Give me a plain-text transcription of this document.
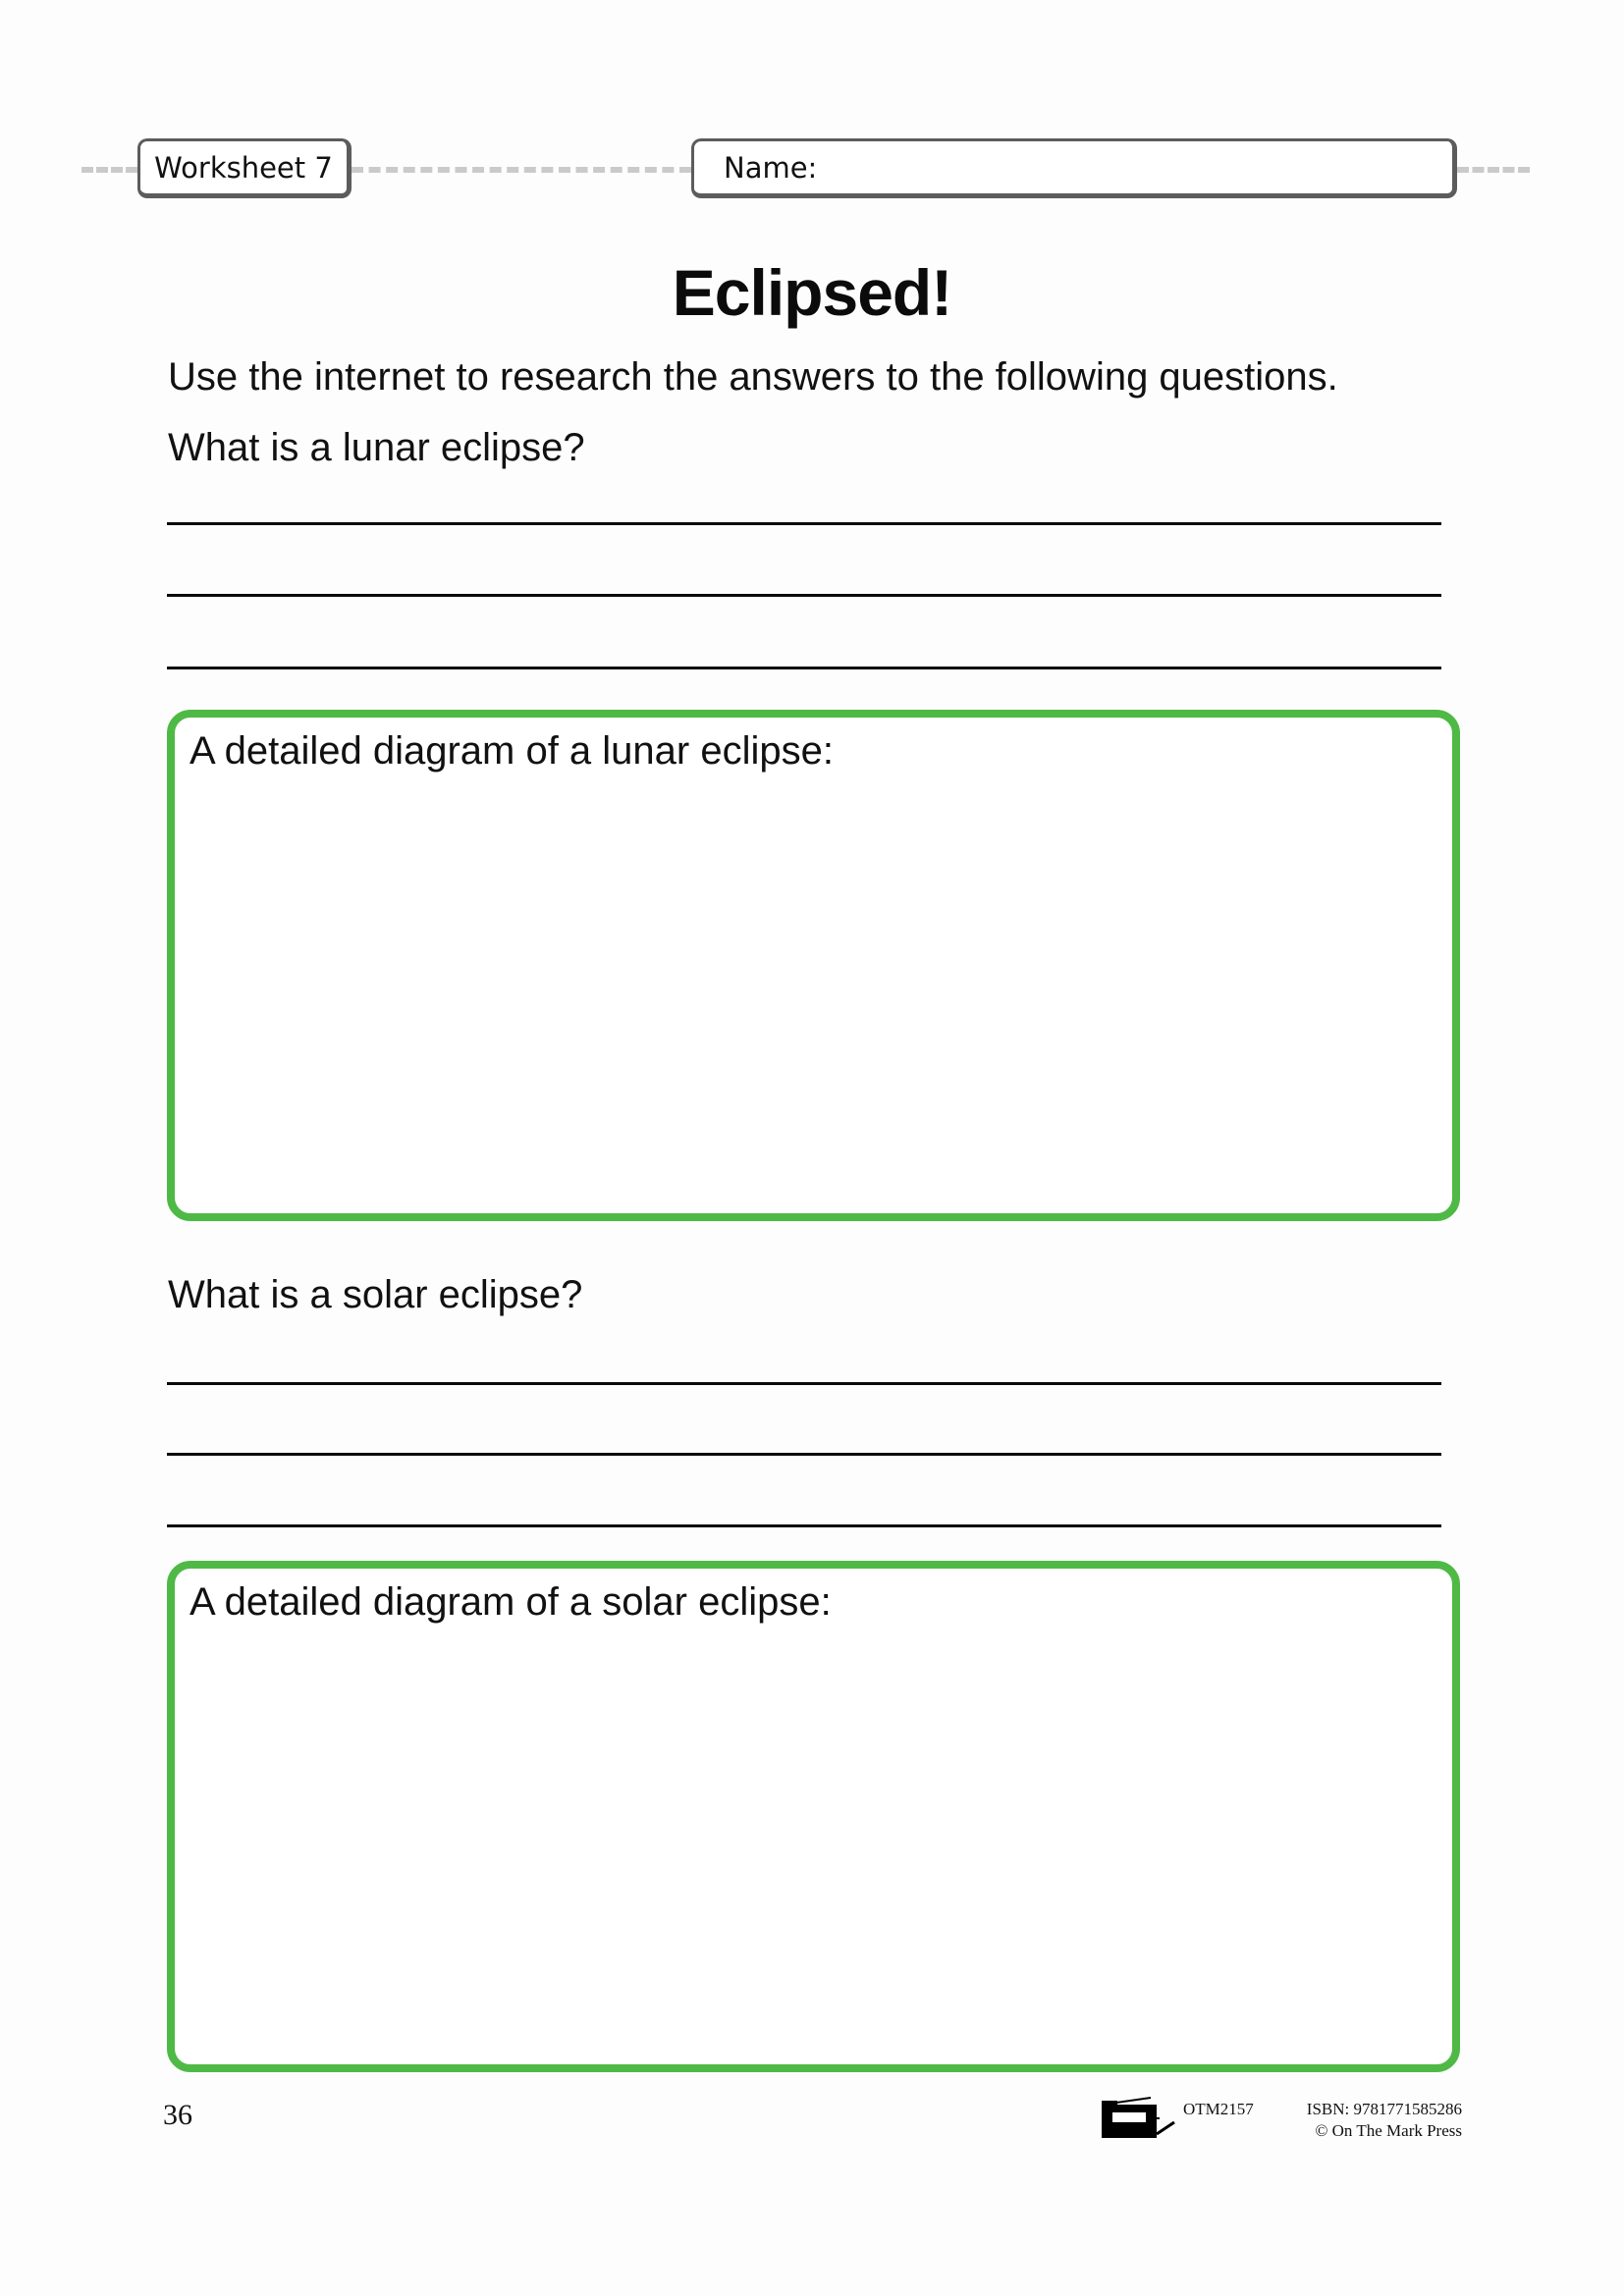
Worksheet 7	Name:
Eclipsed!
Use the internet to research the answers to the following questions.
What is a lunar eclipse?
A detailed diagram of a lunar eclipse:
What is a solar eclipse?
A detailed diagram of a solar eclipse:
36	OTM2157	ISBN: 9781771585286
© On The Mark Press
